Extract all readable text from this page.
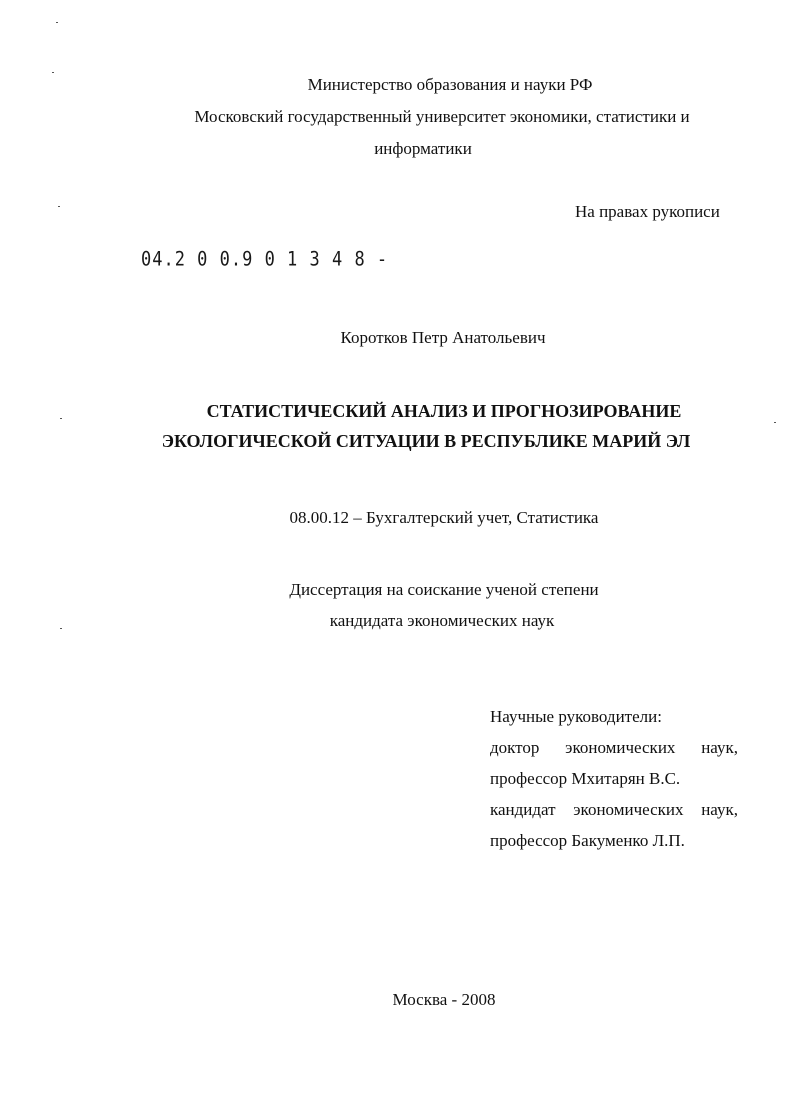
Министерство образования и науки РФ
Московский государственный университет экономики, статистики и
информатики
На правах рукописи
04.2 0 0.9 0 1 3 4 8 -
Коротков Петр Анатольевич
СТАТИСТИЧЕСКИЙ АНАЛИЗ И ПРОГНОЗИРОВАНИЕ
ЭКОЛОГИЧЕСКОЙ СИТУАЦИИ В РЕСПУБЛИКЕ МАРИЙ ЭЛ
08.00.12 – Бухгалтерский учет, Статистика
Диссертация на соискание ученой степени
кандидата экономических наук
Научные руководители:
доктор экономических наук,
профессор Мхитарян В.С.
кандидат экономических наук,
профессор Бакуменко Л.П.
Москва - 2008
